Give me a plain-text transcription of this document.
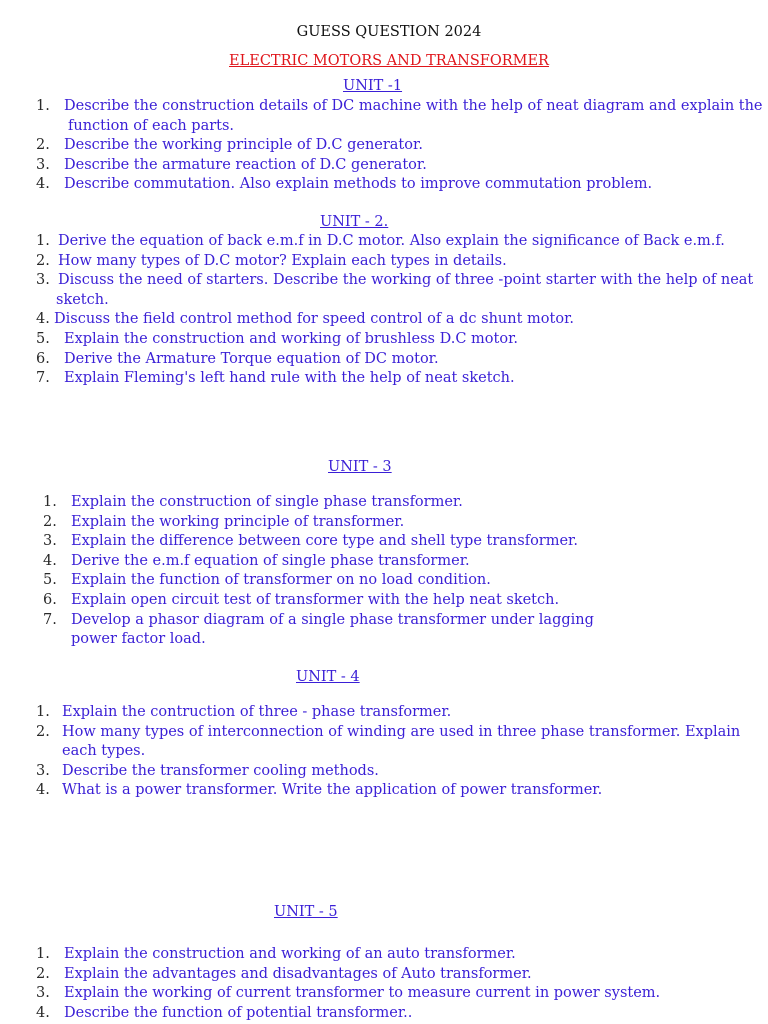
GUESS QUESTION 2024
ELECTRIC MOTORS AND TRANSFORMER
UNIT -1
1. Describe the construction details of DC machine with the help of neat diagram and explain the
function of each parts.
2. Describe the working principle of D.C generator.
3. Describe the armature reaction of D.C generator.
4. Describe commutation. Also explain methods to improve commutation problem.
UNIT - 2.
1. Derive the equation of back e.m.f in D.C motor. Also explain the significance of Back e.m.f.
2. How many types of D.C motor? Explain each types in details.
3. Discuss the need of starters. Describe the working of three -point starter with the help of neat
sketch.
4. Discuss the field control method for speed control of a dc shunt motor.
5. Explain the construction and working of brushless D.C motor.
6. Derive the Armature Torque equation of DC motor.
7. Explain Fleming's left hand rule with the help of neat sketch.
UNIT - 3
1. Explain the construction of single phase transformer.
2. Explain the working principle of transformer.
3. Explain the difference between core type and shell type transformer.
4. Derive the e.m.f equation of single phase transformer.
5. Explain the function of transformer on no load condition.
6. Explain open circuit test of transformer with the help neat sketch.
7. Develop a phasor diagram of a single phase transformer under lagging
power factor load.
UNIT - 4
1. Explain the contruction of three - phase transformer.
2. How many types of interconnection of winding are used in three phase transformer. Explain
each types.
3. Describe the transformer cooling methods.
4. What is a power transformer. Write the application of power transformer.
UNIT - 5
1. Explain the construction and working of an auto transformer.
2. Explain the advantages and disadvantages of Auto transformer.
3. Explain the working of current transformer to measure current in power system.
4. Describe the function of potential transformer..
